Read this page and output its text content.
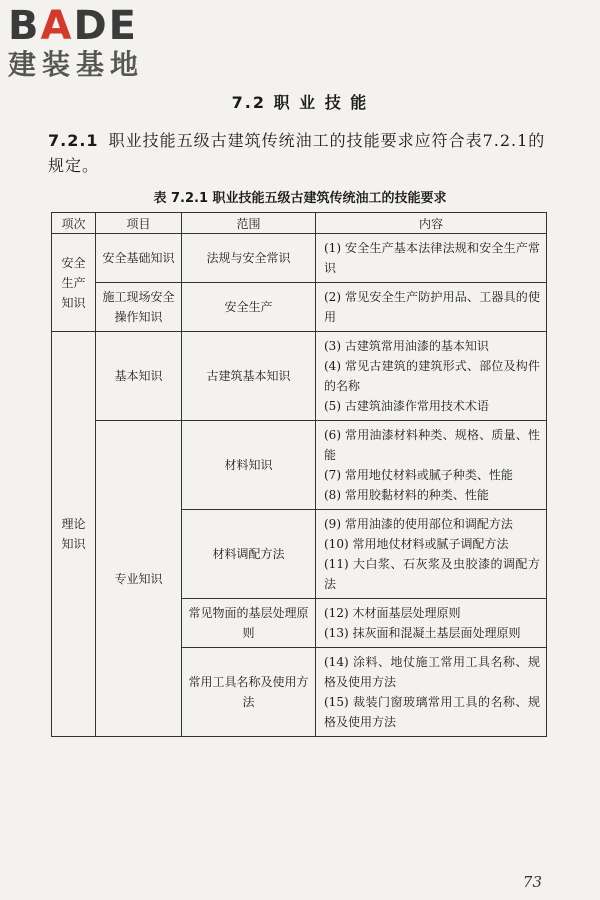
BADE
建装基地
7.2 职 业 技 能
7.2.1 职业技能五级古建筑传统油工的技能要求应符合表7.2.1的规定。
表 7.2.1 职业技能五级古建筑传统油工的技能要求
项次	项目	范围	内容
安全生产知识	安全基础知识	法规与安全常识	(1) 安全生产基本法律法规和安全生产常识

	施工现场安全操作知识	安全生产	(2) 常见安全生产防护用品、工器具的使用

理论知识	基本知识	古建筑基本知识	(3) 古建筑常用油漆的基本知识
(4) 常见古建筑的建筑形式、部位及构件的名称
(5) 古建筑油漆作常用技术术语

	专业知识	材料知识	(6) 常用油漆材料种类、规格、质量、性能
(7) 常用地仗材料或腻子种类、性能
(8) 常用胶黏材料的种类、性能

		材料调配方法	(9) 常用油漆的使用部位和调配方法
(10) 常用地仗材料或腻子调配方法
(11) 大白浆、石灰浆及虫胶漆的调配方法

		常见物面的基层处理原则	(12) 木材面基层处理原则
(13) 抹灰面和混凝土基层面处理原则

		常用工具名称及使用方法	(14) 涂料、地仗施工常用工具名称、规格及使用方法
(15) 裁装门窗玻璃常用工具的名称、规格及使用方法
73
